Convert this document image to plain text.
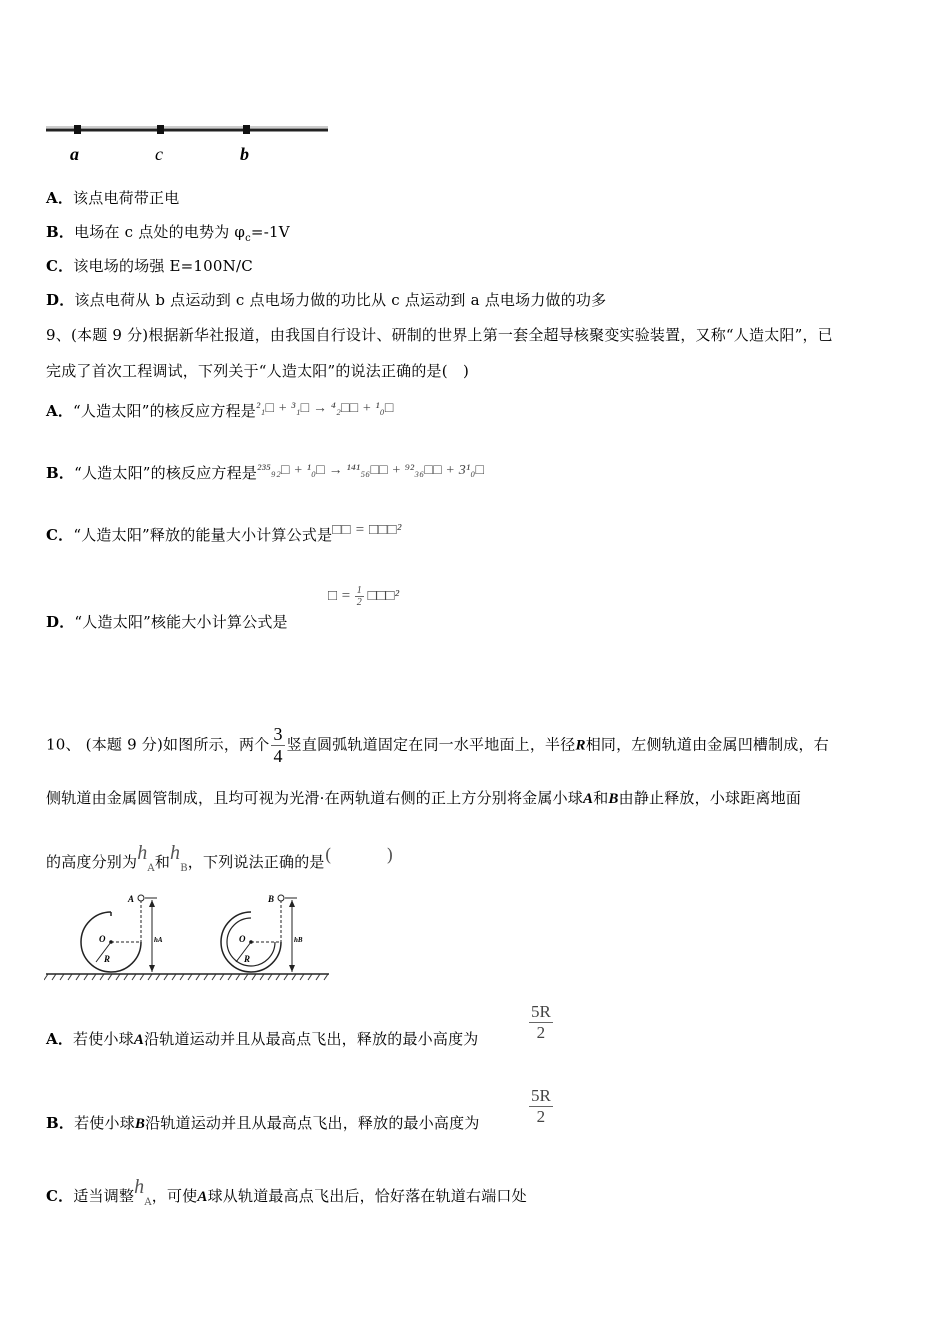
a	c	b
A．该点电荷带正电
B．电场在 c 点处的电势为 $\varphi_c=-1V$
C．该电场的场强 E=100N/C
D．该点电荷从 b 点运动到 c 点电场力做的功比从 c 点运动到 a 点电场力做的功多
9、(本题 9 分)根据新华社报道，由我国自行设计、研制的世界上第一套全超导核聚变实验装置，又称“人造太阳”，已
完成了首次工程调试，下列关于“人造太阳”的说法正确的是(　)
A．“人造太阳”的核反应方程是²₁□ + ³₁□ → ⁴₂□□ + ¹₀□
B．“人造太阳”的核反应方程是²³⁵₉₂□ + ¹₀□ → ¹⁴¹₅₆□□ + ⁹²₃₆□□ + 3¹₀□
C．“人造太阳”释放的能量大小计算公式是□□ = □□□²
D．“人造太阳”核能大小计算公式是
□ = $\frac{1}{2}$ □□□²
10、 (本题 9 分)如图所示，两个 $\frac{3}{4}$ 竖直圆弧轨道固定在同一水平地面上，半径R相同，左侧轨道由金属凹槽制成，右
侧轨道由金属圆管制成，且均可视为光滑·在两轨道右侧的正上方分别将金属小球A和B由静止释放，小球距离地面
的高度分别为$h_A$和$h_B$，下列说法正确的是(　　　)
A
O
R
hA
B
O
R
hB
A．若使小球A沿轨道运动并且从最高点飞出，释放的最小高度为	$\frac{5R}{2}$
B．若使小球B沿轨道运动并且从最高点飞出，释放的最小高度为	$\frac{5R}{2}$
C．适当调整$h_A$，可使A球从轨道最高点飞出后，恰好落在轨道右端口处
